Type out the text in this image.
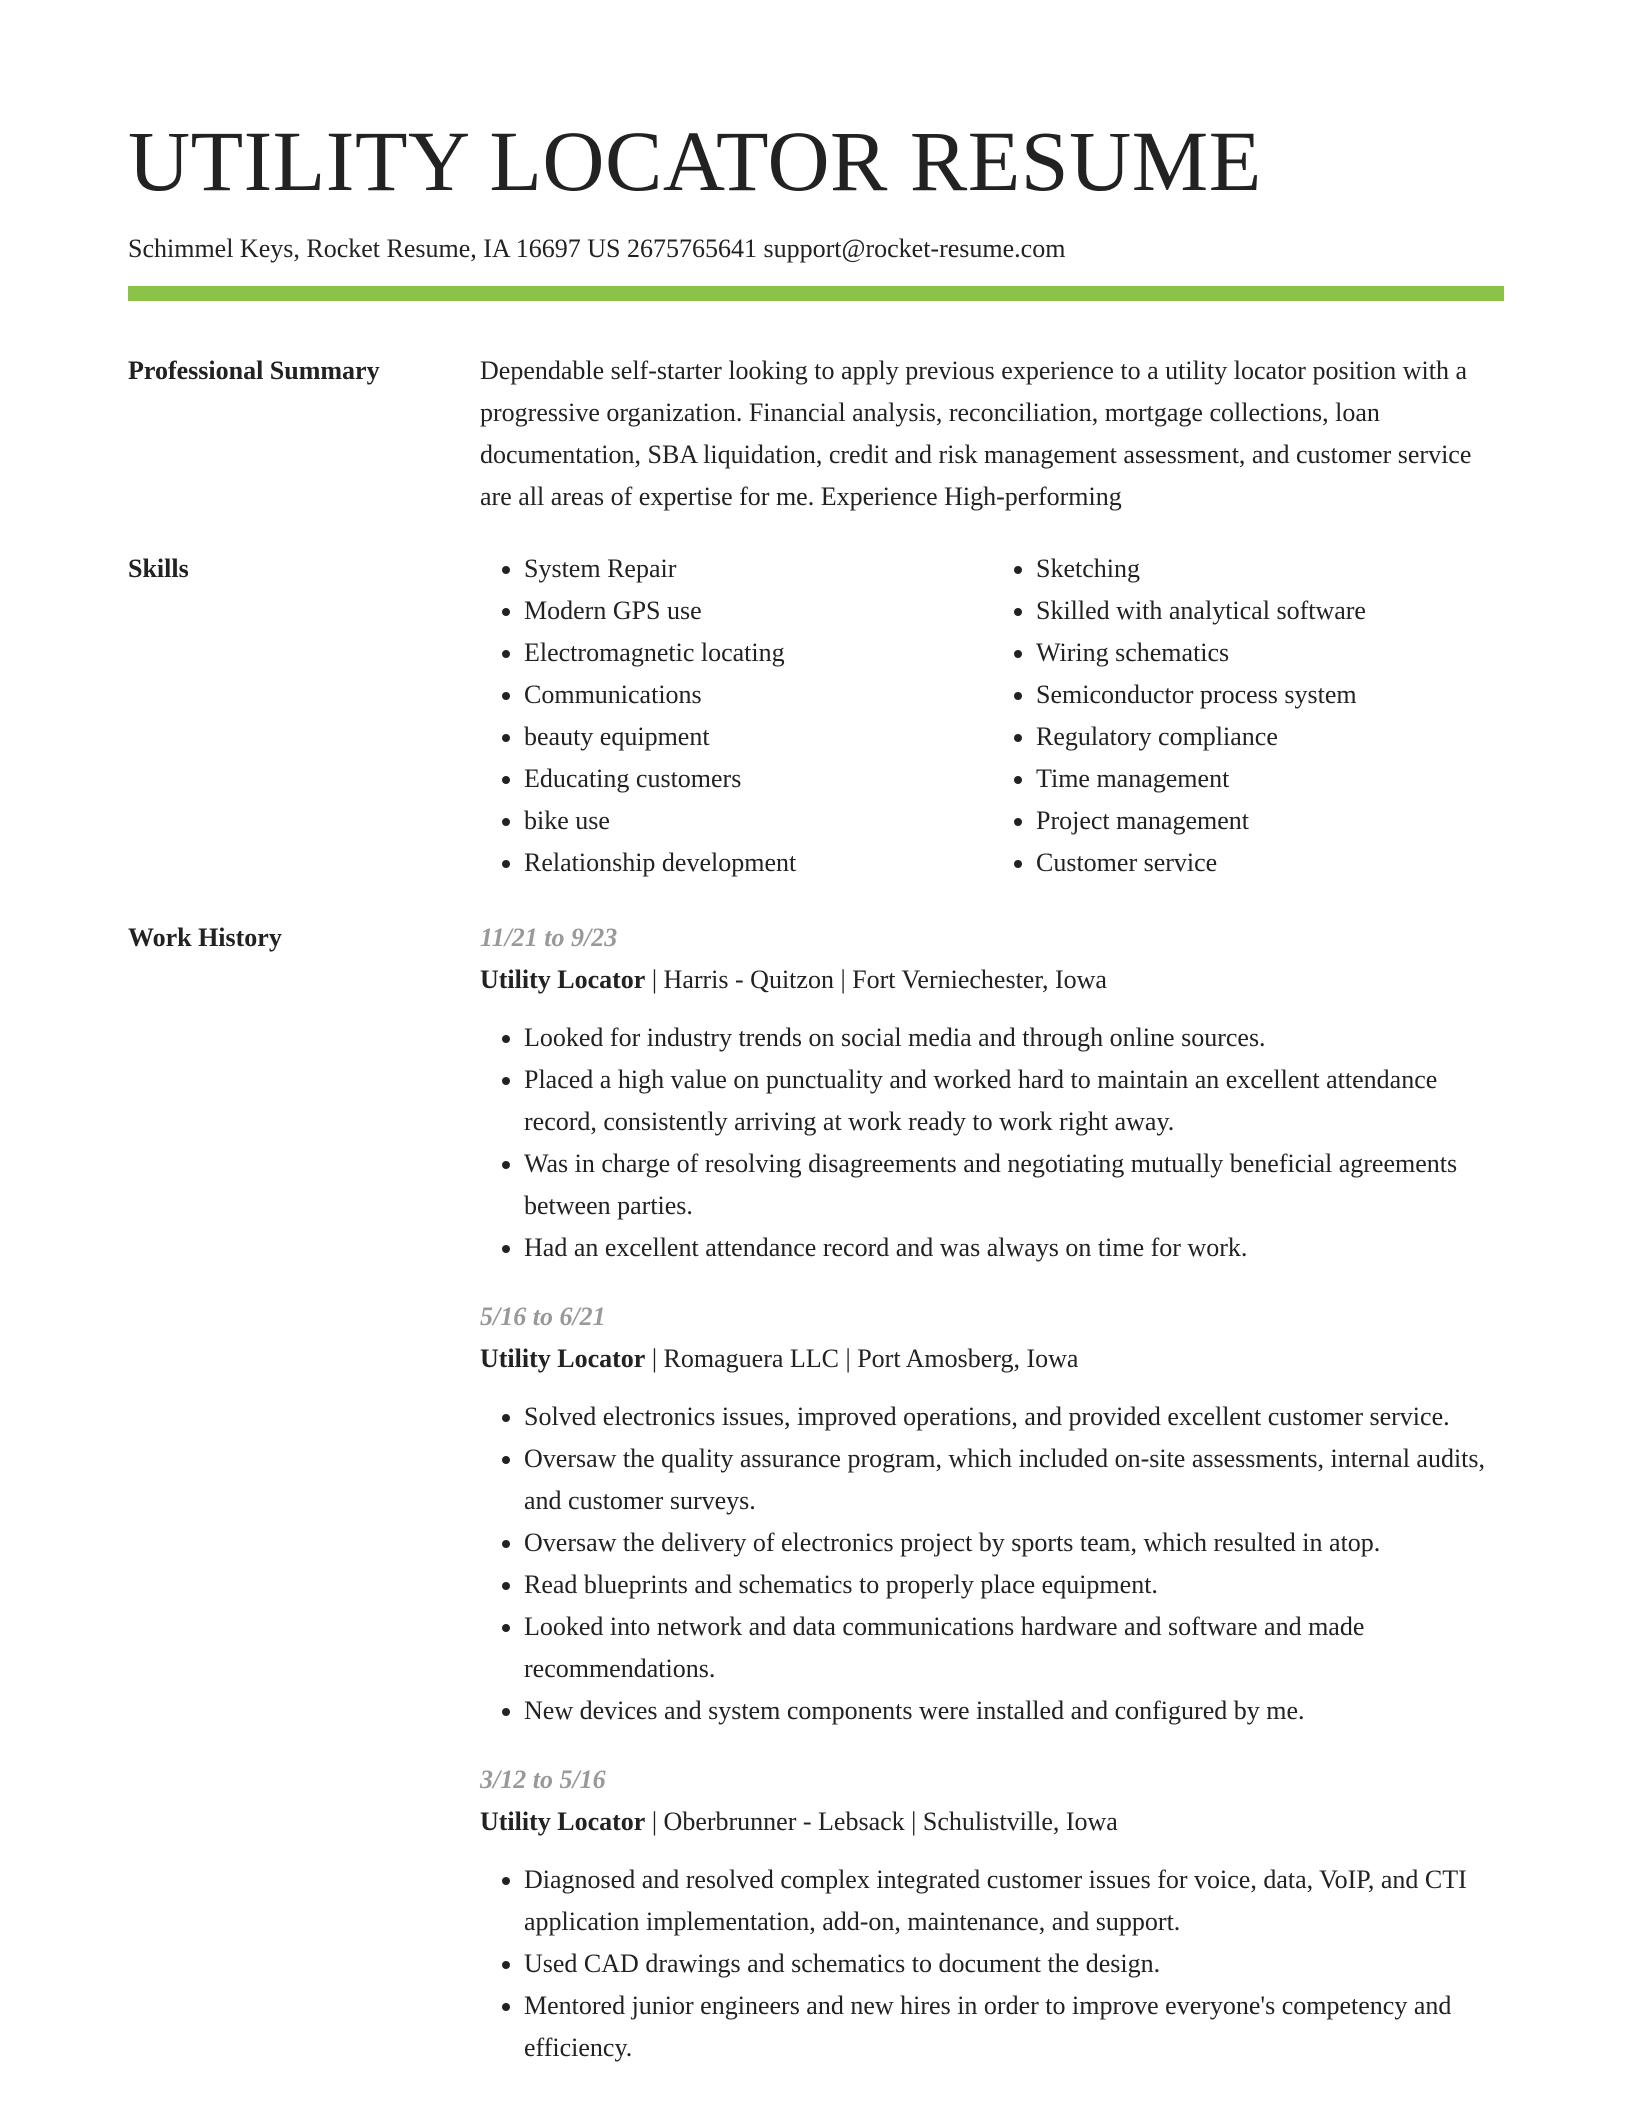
UTILITY LOCATOR RESUME
Schimmel Keys, Rocket Resume, IA 16697 US 2675765641 support@rocket-resume.com
Professional Summary	Dependable self-starter looking to apply previous experience to a utility locator position with a progressive organization. Financial analysis, reconciliation, mortgage collections, loan documentation, SBA liquidation, credit and risk management assessment, and customer service are all areas of expertise for me. Experience High-performing

Skills
•	System Repair
• Modern GPS use
• Electromagnetic locating
• Communications
• beauty equipment
• Educating customers
• bike use
• Relationship development
• Sketching
• Skilled with analytical software
• Wiring schematics
• Semiconductor process system
• Regulatory compliance
• Time management
• Project management
• Customer service
Work History	11/21 to 9/23
Utility Locator | Harris - Quitzon | Fort Verniechester, Iowa
• Looked for industry trends on social media and through online sources.
• Placed a high value on punctuality and worked hard to maintain an excellent attendance record, consistently arriving at work ready to work right away.
• Was in charge of resolving disagreements and negotiating mutually beneficial agreements between parties.
• Had an excellent attendance record and was always on time for work.
5/16 to 6/21
Utility Locator | Romaguera LLC | Port Amosberg, Iowa
• Solved electronics issues, improved operations, and provided excellent customer service.
• Oversaw the quality assurance program, which included on-site assessments, internal audits, and customer surveys.
• Oversaw the delivery of electronics project by sports team, which resulted in atop.
• Read blueprints and schematics to properly place equipment.
• Looked into network and data communications hardware and software and made recommendations.
• New devices and system components were installed and configured by me.
3/12 to 5/16
Utility Locator | Oberbrunner - Lebsack | Schulistville, Iowa
• Diagnosed and resolved complex integrated customer issues for voice, data, VoIP, and CTI application implementation, add-on, maintenance, and support.
• Used CAD drawings and schematics to document the design.
• Mentored junior engineers and new hires in order to improve everyone's competency and efficiency.
